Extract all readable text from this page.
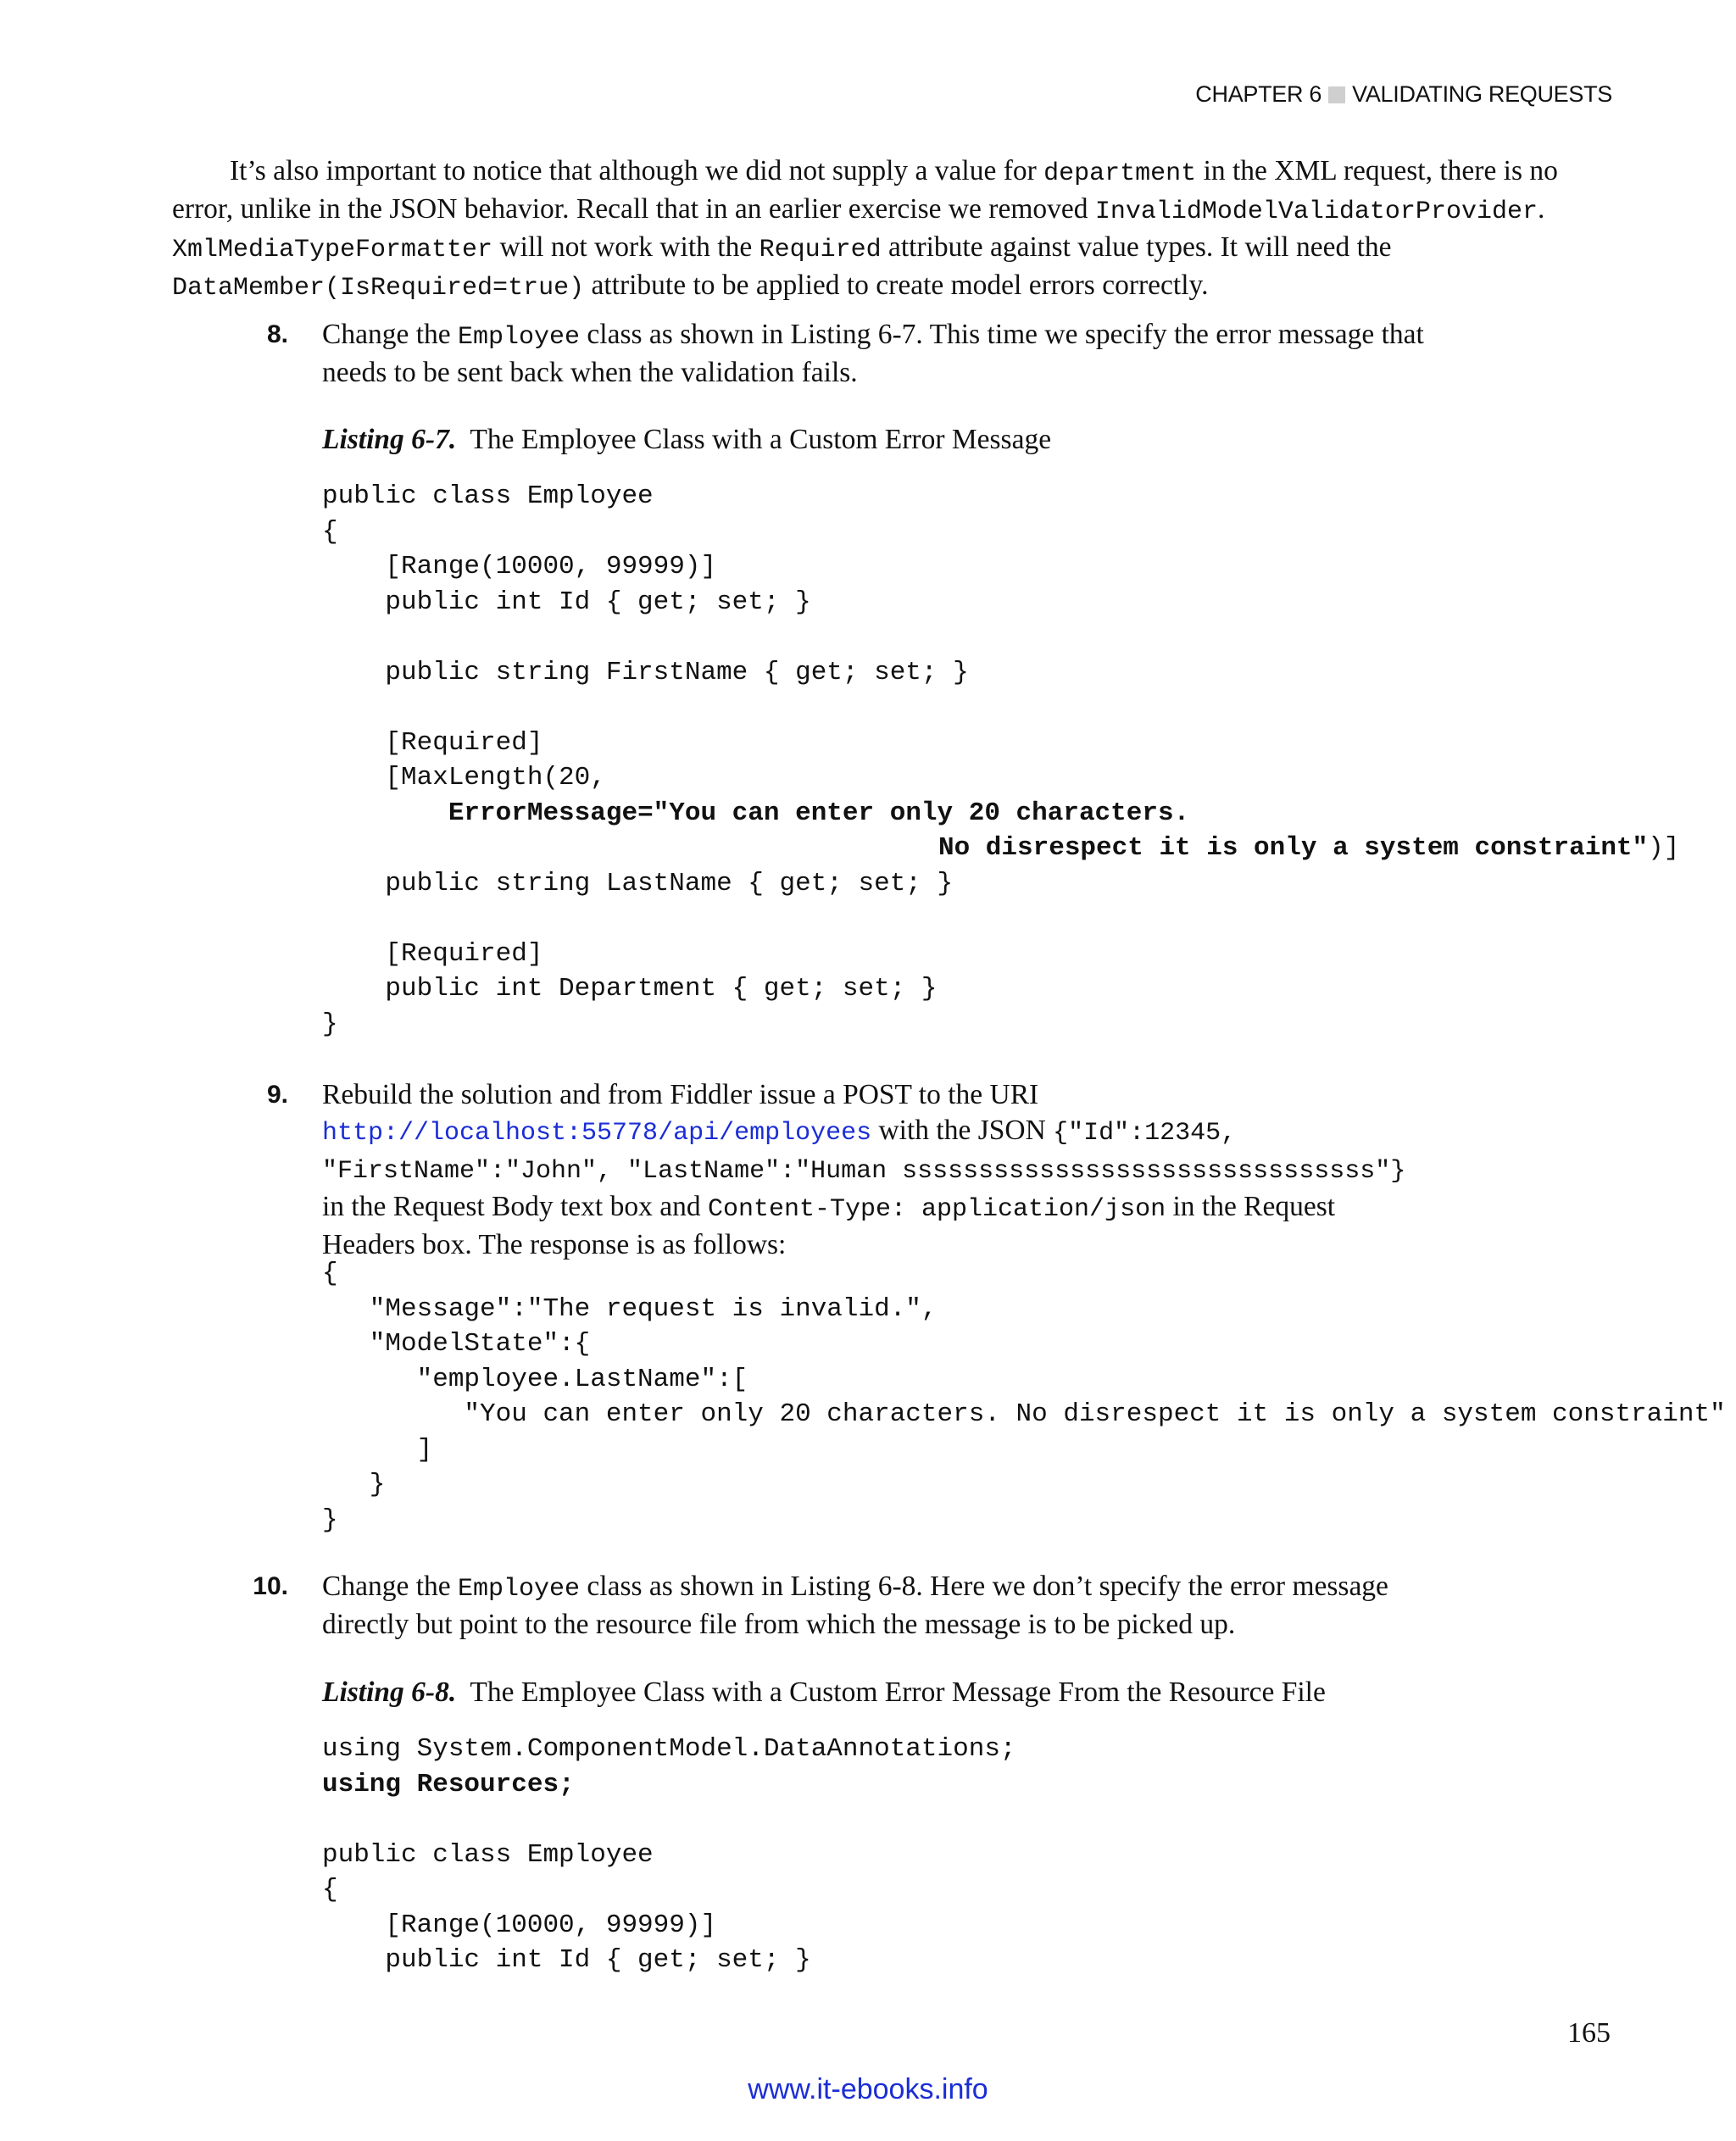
CHAPTER 6 VALIDATING REQUESTS
It’s also important to notice that although we did not supply a value for department in the XML request, there is no error, unlike in the JSON behavior. Recall that in an earlier exercise we removed InvalidModelValidatorProvider. XmlMediaTypeFormatter will not work with the Required attribute against value types. It will need the DataMember(IsRequired=true) attribute to be applied to create model errors correctly.
8. Change the Employee class as shown in Listing 6-7. This time we specify the error message that needs to be sent back when the validation fails.
Listing 6-7. The Employee Class with a Custom Error Message
public class Employee
{
[Range(10000, 99999)]
public int Id { get; set; }

public string FirstName { get; set; }

[Required]
[MaxLength(20,
ErrorMessage="You can enter only 20 characters.
No disrespect it is only a system constraint")]
public string LastName { get; set; }

[Required]
public int Department { get; set; }
}
9. Rebuild the solution and from Fiddler issue a POST to the URI http://localhost:55778/api/employees with the JSON {"Id":12345, "FirstName":"John", "LastName":"Human sssssssssssssssssssssssssssssss"} in the Request Body text box and Content-Type: application/json in the Request Headers box. The response is as follows:
{
"Message":"The request is invalid.",
"ModelState":{
"employee.LastName":[
"You can enter only 20 characters. No disrespect it is only a system constraint"
]
}
}
10. Change the Employee class as shown in Listing 6-8. Here we don’t specify the error message directly but point to the resource file from which the message is to be picked up.
Listing 6-8. The Employee Class with a Custom Error Message From the Resource File
using System.ComponentModel.DataAnnotations;
using Resources;

public class Employee
{
[Range(10000, 99999)]
public int Id { get; set; }
165
www.it-ebooks.info
